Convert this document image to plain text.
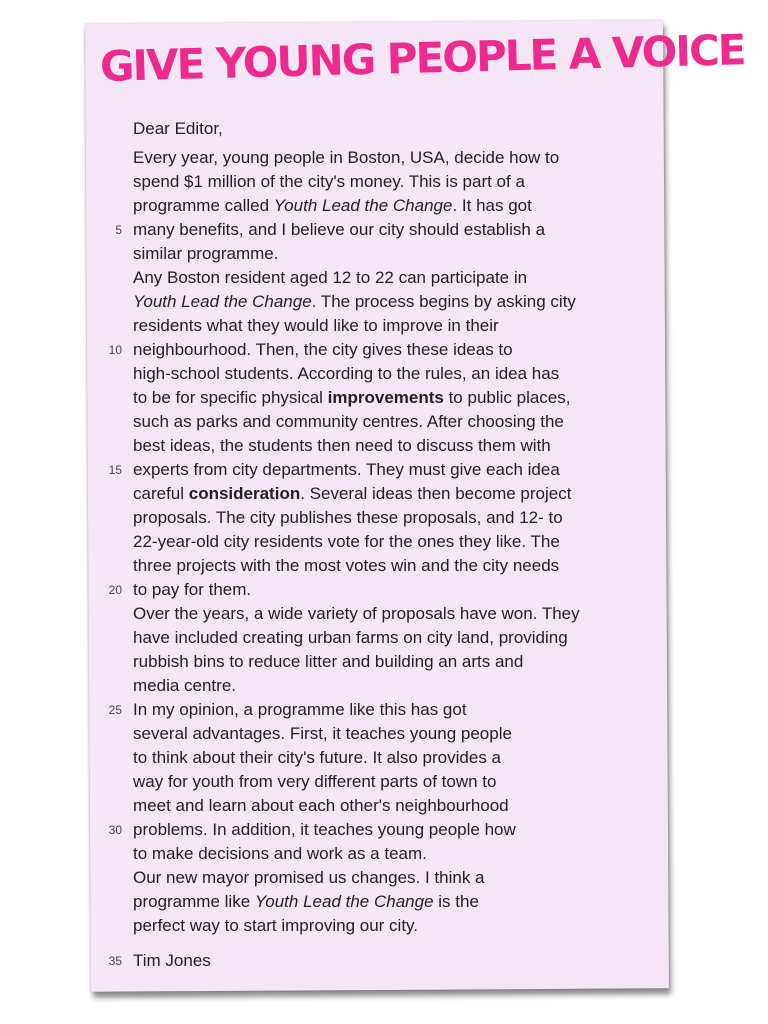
GIVE YOUNG PEOPLE A VOICE

Dear Editor,

Every year, young people in Boston, USA, decide how to

spend $1 million of the city's money. This is part of a

programme called Youth Lead the Change. It has got

5 many benefits, and I believe our city should establish a

similar programme.

Any Boston resident aged 12 to 22 can participate in

Youth Lead the Change. The process begins by asking city

residents what they would like to improve in their

10 neighbourhood. Then, the city gives these ideas to

high-school students. According to the rules, an idea has

to be for specific physical improvements to public places,

such as parks and community centres. After choosing the

best ideas, the students then need to discuss them with

15 experts from city departments. They must give each idea

careful consideration. Several ideas then become project

proposals. The city publishes these proposals, and 12- to

22-year-old city residents vote for the ones they like. The

three projects with the most votes win and the city needs

20 to pay for them.

Over the years, a wide variety of proposals have won. They

have included creating urban farms on city land, providing

rubbish bins to reduce litter and building an arts and

media centre.

25 In my opinion, a programme like this has got

several advantages. First, it teaches young people

to think about their city's future. It also provides a

way for youth from very different parts of town to

meet and learn about each other's neighbourhood

30 problems. In addition, it teaches young people how

to make decisions and work as a team.

Our new mayor promised us changes. I think a

programme like Youth Lead the Change is the

perfect way to start improving our city.

35 Tim Jones
